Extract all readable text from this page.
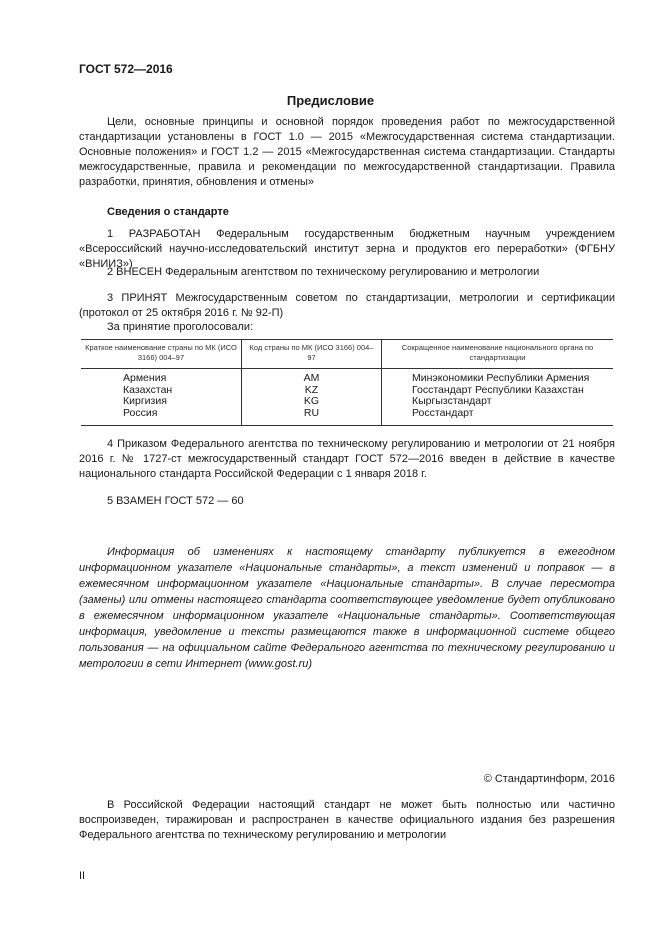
ГОСТ 572—2016
Предисловие

Цели, основные принципы и основной порядок проведения работ по межгосударственной стандартизации установлены в ГОСТ 1.0 — 2015 «Межгосударственная система стандартизации. Основные положения» и ГОСТ 1.2 — 2015 «Межгосударственная система стандартизации. Стандарты межгосударственные, правила и рекомендации по межгосударственной стандартизации. Правила разработки, принятия, обновления и отмены»

Сведения о стандарте

1 РАЗРАБОТАН Федеральным государственным бюджетным научным учреждением «Всероссийский научно-исследовательский институт зерна и продуктов его переработки» (ФГБНУ «ВНИИЗ»)

2 ВНЕСЕН Федеральным агентством по техническому регулированию и метрологии

3 ПРИНЯТ Межгосударственным советом по стандартизации, метрологии и сертификации (протокол от 25 октября 2016 г. № 92-П)

За принятие проголосовали:
Краткое наименование страны по МК (ИСО 3166) 004–97	Код страны по МК (ИСО 3166) 004–97	Сокращенное наименование национального органа по стандартизации
Армения	AM	Минэкономики Республики Армения
Казахстан	KZ	Госстандарт Республики Казахстан
Киргизия	KG	Кыргызстандарт
Россия	RU	Росстандарт

4 Приказом Федерального агентства по техническому регулированию и метрологии от 21 ноября 2016 г. № 1727-ст межгосударственный стандарт ГОСТ 572—2016 введен в действие в качестве национального стандарта Российской Федерации с 1 января 2018 г.

5 ВЗАМЕН ГОСТ 572 — 60

Информация об изменениях к настоящему стандарту публикуется в ежегодном информационном указателе «Национальные стандарты», а текст изменений и поправок — в ежемесячном информационном указателе «Национальные стандарты». В случае пересмотра (замены) или отмены настоящего стандарта соответствующее уведомление будет опубликовано в ежемесячном информационном указателе «Национальные стандарты». Соответствующая информация, уведомление и тексты размещаются также в информационной системе общего пользования — на официальном сайте Федерального агентства по техническому регулированию и метрологии в сети Интернет (www.gost.ru)

© Стандартинформ, 2016

В Российской Федерации настоящий стандарт не может быть полностью или частично воспроизведен, тиражирован и распространен в качестве официального издания без разрешения Федерального агентства по техническому регулированию и метрологии

II
